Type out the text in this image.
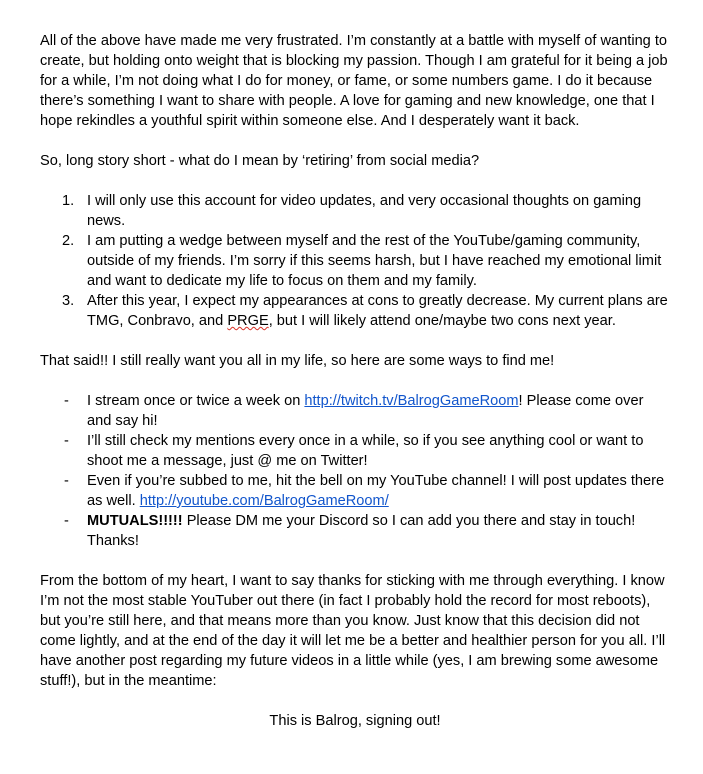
All of the above have made me very frustrated. I’m constantly at a battle with myself of wanting to create, but holding onto weight that is blocking my passion. Though I am grateful for it being a job for a while, I’m not doing what I do for money, or fame, or some numbers game. I do it because there’s something I want to share with people. A love for gaming and new knowledge, one that I hope rekindles a youthful spirit within someone else. And I desperately want it back.

So, long story short - what do I mean by ‘retiring’ from social media?

1. I will only use this account for video updates, and very occasional thoughts on gaming news.
2. I am putting a wedge between myself and the rest of the YouTube/gaming community, outside of my friends. I’m sorry if this seems harsh, but I have reached my emotional limit and want to dedicate my life to focus on them and my family.
3. After this year, I expect my appearances at cons to greatly decrease. My current plans are TMG, Conbravo, and PRGE, but I will likely attend one/maybe two cons next year.

That said!! I still really want you all in my life, so here are some ways to find me!

- I stream once or twice a week on http://twitch.tv/BalrogGameRoom! Please come over and say hi!
- I’ll still check my mentions every once in a while, so if you see anything cool or want to shoot me a message, just @ me on Twitter!
- Even if you’re subbed to me, hit the bell on my YouTube channel! I will post updates there as well. http://youtube.com/BalrogGameRoom/
- MUTUALS!!!!! Please DM me your Discord so I can add you there and stay in touch! Thanks!

From the bottom of my heart, I want to say thanks for sticking with me through everything. I know I’m not the most stable YouTuber out there (in fact I probably hold the record for most reboots), but you’re still here, and that means more than you know. Just know that this decision did not come lightly, and at the end of the day it will let me be a better and healthier person for you all. I’ll have another post regarding my future videos in a little while (yes, I am brewing some awesome stuff!), but in the meantime:

This is Balrog, signing out!
